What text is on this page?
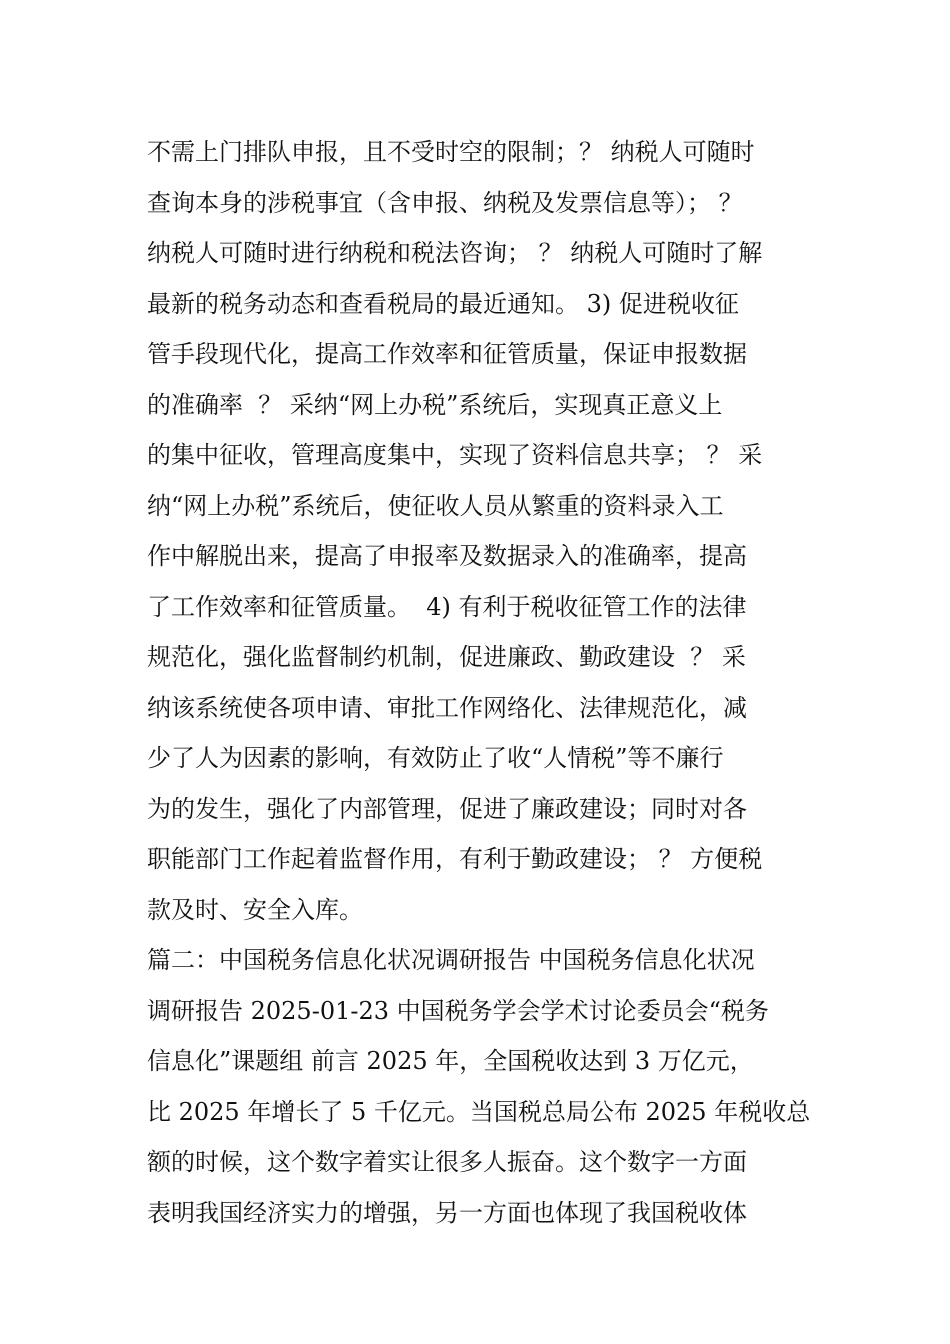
不需上门排队申报，且不受时空的限制；？ 纳税人可随时
查询本身的涉税事宜（含申报、纳税及发票信息等）； ？
纳税人可随时进行纳税和税法咨询； ？ 纳税人可随时了解
最新的税务动态和查看税局的最近通知。 3) 促进税收征
管手段现代化，提高工作效率和征管质量，保证申报数据
的准确率  ？ 采纳“网上办税”系统后，实现真正意义上
的集中征收，管理高度集中，实现了资料信息共享； ？ 采
纳“网上办税”系统后，使征收人员从繁重的资料录入工
作中解脱出来，提高了申报率及数据录入的准确率，提高
了工作效率和征管质量。  4) 有利于税收征管工作的法律
规范化，强化监督制约机制，促进廉政、勤政建设  ？ 采
纳该系统使各项申请、审批工作网络化、法律规范化，减
少了人为因素的影响，有效防止了收“人情税”等不廉行
为的发生，强化了内部管理，促进了廉政建设；同时对各
职能部门工作起着监督作用，有利于勤政建设； ？ 方便税
款及时、安全入库。
篇二：中国税务信息化状况调研报告 中国税务信息化状况
调研报告 2025-01-23 中国税务学会学术讨论委员会“税务
信息化”课题组 前言 2025 年，全国税收达到 3 万亿元，
比 2025 年增长了 5 千亿元。当国税总局公布 2025 年税收总
额的时候，这个数字着实让很多人振奋。这个数字一方面
表明我国经济实力的增强，另一方面也体现了我国税收体
